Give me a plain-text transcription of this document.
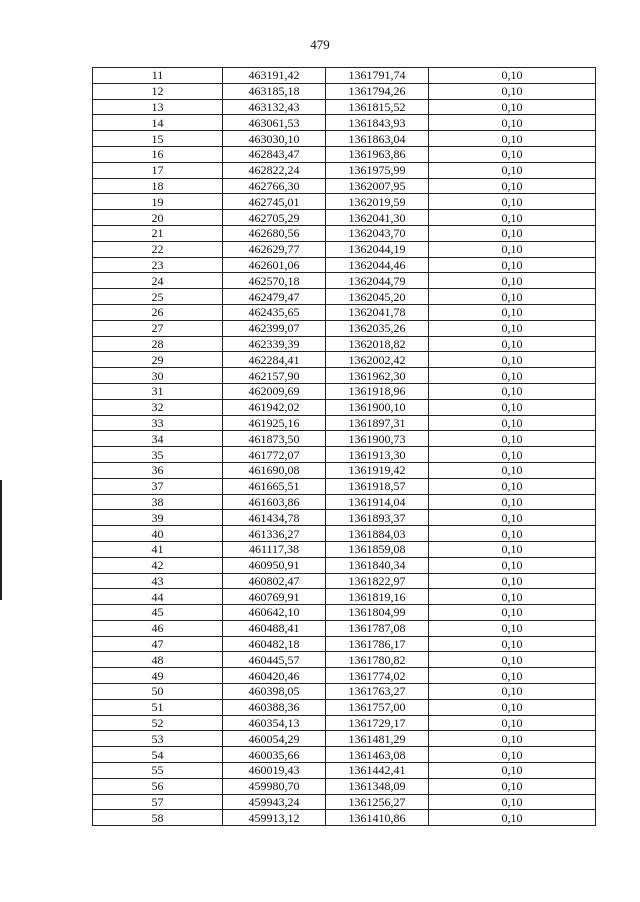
479
11	463191,42	1361791,74	0,10
12	463185,18	1361794,26	0,10
13	463132,43	1361815,52	0,10
14	463061,53	1361843,93	0,10
15	463030,10	1361863,04	0,10
16	462843,47	1361963,86	0,10
17	462822,24	1361975,99	0,10
18	462766,30	1362007,95	0,10
19	462745,01	1362019,59	0,10
20	462705,29	1362041,30	0,10
21	462680,56	1362043,70	0,10
22	462629,77	1362044,19	0,10
23	462601,06	1362044,46	0,10
24	462570,18	1362044,79	0,10
25	462479,47	1362045,20	0,10
26	462435,65	1362041,78	0,10
27	462399,07	1362035,26	0,10
28	462339,39	1362018,82	0,10
29	462284,41	1362002,42	0,10
30	462157,90	1361962,30	0,10
31	462009,69	1361918,96	0,10
32	461942,02	1361900,10	0,10
33	461925,16	1361897,31	0,10
34	461873,50	1361900,73	0,10
35	461772,07	1361913,30	0,10
36	461690,08	1361919,42	0,10
37	461665,51	1361918,57	0,10
38	461603,86	1361914,04	0,10
39	461434,78	1361893,37	0,10
40	461336,27	1361884,03	0,10
41	461117,38	1361859,08	0,10
42	460950,91	1361840,34	0,10
43	460802,47	1361822,97	0,10
44	460769,91	1361819,16	0,10
45	460642,10	1361804,99	0,10
46	460488,41	1361787,08	0,10
47	460482,18	1361786,17	0,10
48	460445,57	1361780,82	0,10
49	460420,46	1361774,02	0,10
50	460398,05	1361763,27	0,10
51	460388,36	1361757,00	0,10
52	460354,13	1361729,17	0,10
53	460054,29	1361481,29	0,10
54	460035,66	1361463,08	0,10
55	460019,43	1361442,41	0,10
56	459980,70	1361348,09	0,10
57	459943,24	1361256,27	0,10
58	459913,12	1361410,86	0,10
